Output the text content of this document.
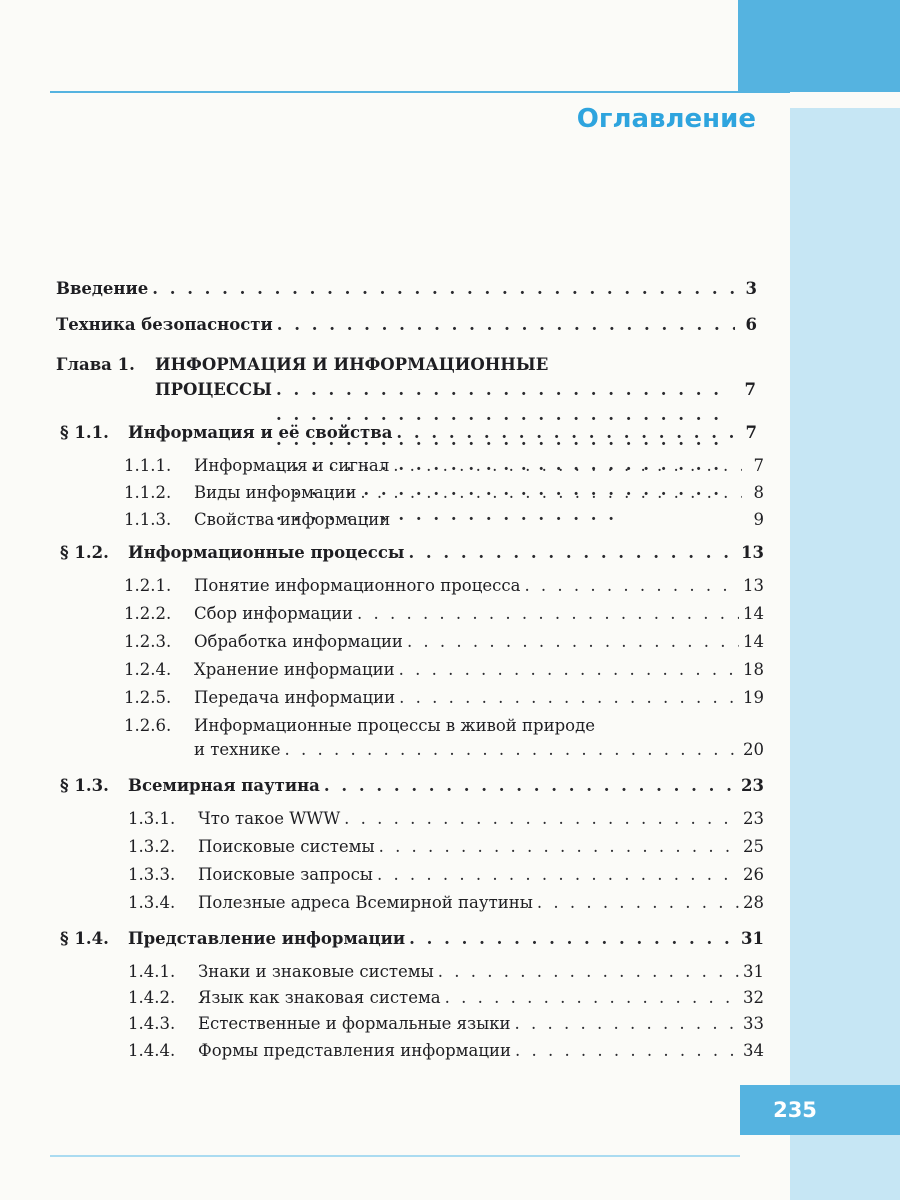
Оглавление
Введение . . .	3
Техника безопасности . . .	6
Глава 1.	ИНФОРМАЦИЯ И ИНФОРМАЦИОННЫЕ
ПРОЦЕССЫ . . .	7
§ 1.1. Информация и её свойства . . .	7
1.1.1. Информация и сигнал . . .	7
1.1.2. Виды информации . . .	8
1.1.3. Свойства информации	9
§ 1.2. Информационные процессы . . .	13
1.2.1. Понятие информационного процесса . . .	13
1.2.2. Сбор информации . . .	14
1.2.3. Обработка информации . . .	14
1.2.4. Хранение информации . . .	18
1.2.5. Передача информации . . .	19
1.2.6. Информационные процессы в живой природе
и технике . . .	20
§ 1.3. Всемирная паутина . . .	23
1.3.1. Что такое WWW . . .	23
1.3.2. Поисковые системы . . .	25
1.3.3. Поисковые запросы . . .	26
1.3.4. Полезные адреса Всемирной паутины . . .	28
§ 1.4. Представление информации . . .	31
1.4.1. Знаки и знаковые системы . . .	31
1.4.2. Язык как знаковая система . . .	32
1.4.3. Естественные и формальные языки . . .	33
1.4.4. Формы представления информации . . .	34
235
